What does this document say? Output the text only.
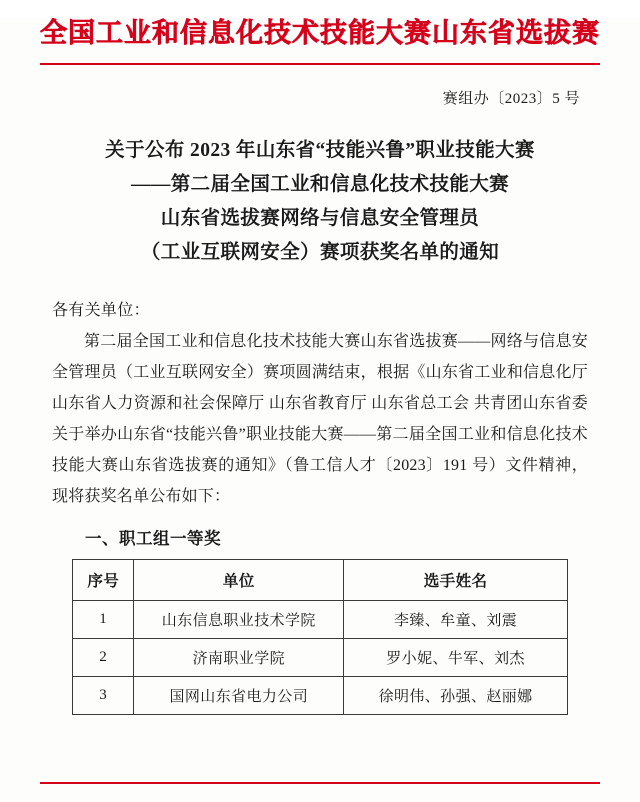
全国工业和信息化技术技能大赛山东省选拔赛
赛组办〔2023〕5 号
关于公布 2023 年山东省“技能兴鲁”职业技能大赛
——第二届全国工业和信息化技术技能大赛
山东省选拔赛网络与信息安全管理员
（工业互联网安全）赛项获奖名单的通知
各有关单位：
第二届全国工业和信息化技术技能大赛山东省选拔赛——网络与信息安全管理员（工业互联网安全）赛项圆满结束，根据《山东省工业和信息化厅 山东省人力资源和社会保障厅 山东省教育厅 山东省总工会 共青团山东省委关于举办山东省“技能兴鲁”职业技能大赛——第二届全国工业和信息化技术技能大赛山东省选拔赛的通知》（鲁工信人才〔2023〕191 号）文件精神，现将获奖名单公布如下：
一、职工组一等奖
序号	单位	选手姓名
1	山东信息职业技术学院	李臻、牟童、刘震
2	济南职业学院	罗小妮、牛军、刘杰
3	国网山东省电力公司	徐明伟、孙强、赵丽娜
